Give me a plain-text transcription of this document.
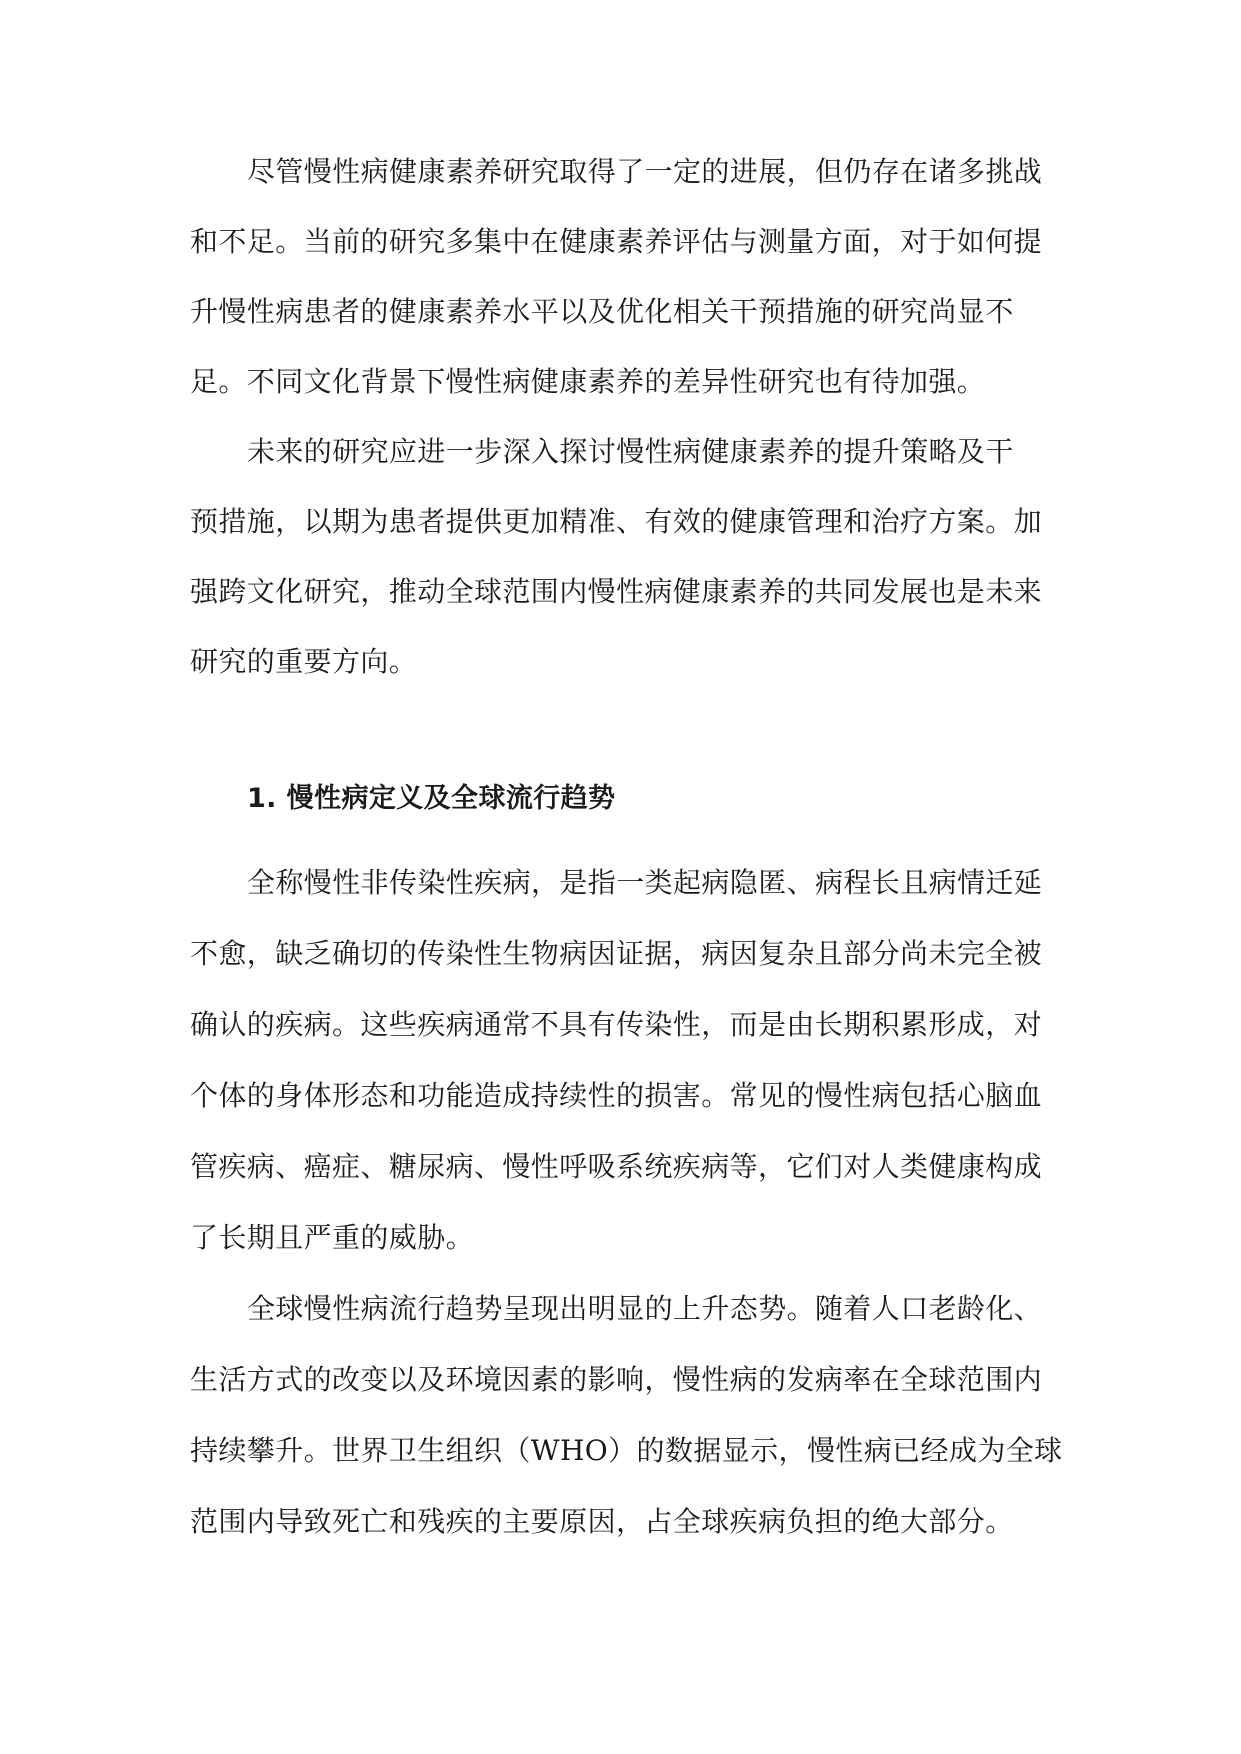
尽管慢性病健康素养研究取得了一定的进展，但仍存在诸多挑战
和不足。当前的研究多集中在健康素养评估与测量方面，对于如何提
升慢性病患者的健康素养水平以及优化相关干预措施的研究尚显不
足。不同文化背景下慢性病健康素养的差异性研究也有待加强。
未来的研究应进一步深入探讨慢性病健康素养的提升策略及干
预措施，以期为患者提供更加精准、有效的健康管理和治疗方案。加
强跨文化研究，推动全球范围内慢性病健康素养的共同发展也是未来
研究的重要方向。
1. 慢性病定义及全球流行趋势
全称慢性非传染性疾病，是指一类起病隐匿、病程长且病情迁延
不愈，缺乏确切的传染性生物病因证据，病因复杂且部分尚未完全被
确认的疾病。这些疾病通常不具有传染性，而是由长期积累形成，对
个体的身体形态和功能造成持续性的损害。常见的慢性病包括心脑血
管疾病、癌症、糖尿病、慢性呼吸系统疾病等，它们对人类健康构成
了长期且严重的威胁。
全球慢性病流行趋势呈现出明显的上升态势。随着人口老龄化、
生活方式的改变以及环境因素的影响，慢性病的发病率在全球范围内
持续攀升。世界卫生组织（WHO）的数据显示，慢性病已经成为全球
范围内导致死亡和残疾的主要原因，占全球疾病负担的绝大部分。
